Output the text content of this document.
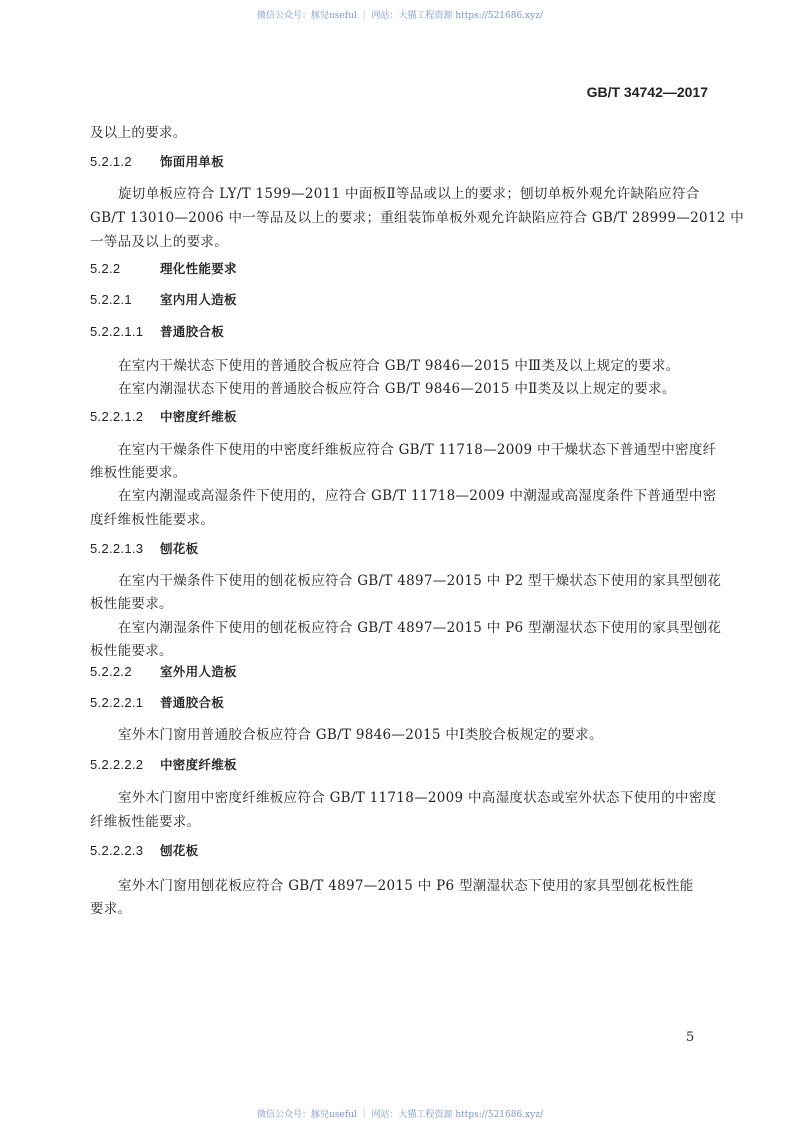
微信公众号：豚兒useful ｜ 网站：大猫工程资源 https://521686.xyz/
GB/T 34742—2017
及以上的要求。
5.2.1.2 饰面用单板
旋切单板应符合 LY/T 1599—2011 中面板Ⅱ等品或以上的要求；刨切单板外观允许缺陷应符合
GB/T 13010—2006 中一等品及以上的要求；重组装饰单板外观允许缺陷应符合 GB/T 28999—2012 中
一等品及以上的要求。
5.2.2	理化性能要求
5.2.2.1 室内用人造板
5.2.2.1.1 普通胶合板
在室内干燥状态下使用的普通胶合板应符合 GB/T 9846—2015 中Ⅲ类及以上规定的要求。
在室内潮湿状态下使用的普通胶合板应符合 GB/T 9846—2015 中Ⅱ类及以上规定的要求。
5.2.2.1.2 中密度纤维板
在室内干燥条件下使用的中密度纤维板应符合 GB/T 11718—2009 中干燥状态下普通型中密度纤
维板性能要求。
在室内潮湿或高湿条件下使用的，应符合 GB/T 11718—2009 中潮湿或高湿度条件下普通型中密
度纤维板性能要求。
5.2.2.1.3 刨花板
在室内干燥条件下使用的刨花板应符合 GB/T 4897—2015 中 P2 型干燥状态下使用的家具型刨花
板性能要求。
在室内潮湿条件下使用的刨花板应符合 GB/T 4897—2015 中 P6 型潮湿状态下使用的家具型刨花
板性能要求。
5.2.2.2 室外用人造板
5.2.2.2.1 普通胶合板
室外木门窗用普通胶合板应符合 GB/T 9846—2015 中Ⅰ类胶合板规定的要求。
5.2.2.2.2 中密度纤维板
室外木门窗用中密度纤维板应符合 GB/T 11718—2009 中高湿度状态或室外状态下使用的中密度
纤维板性能要求。
5.2.2.2.3 刨花板
室外木门窗用刨花板应符合 GB/T 4897—2015 中 P6 型潮湿状态下使用的家具型刨花板性能
要求。
5
微信公众号：豚兒useful ｜ 网站：大猫工程资源 https://521686.xyz/
